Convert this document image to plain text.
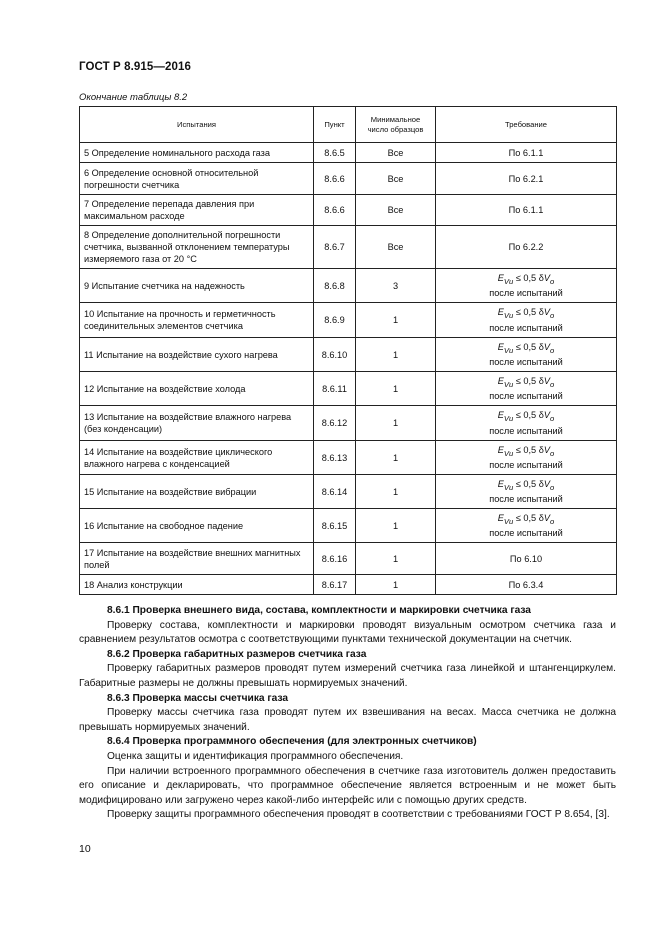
ГОСТ Р 8.915—2016
Окончание таблицы 8.2
Испытания	Пункт	Минимальное число образцов	Требование
5 Определение номинального расхода газа	8.6.5	Все	По 6.1.1
6 Определение основной относительной погрешности счетчика	8.6.6	Все	По 6.2.1
7 Определение перепада давления при максимальном расходе	8.6.6	Все	По 6.1.1
8 Определение дополнительной погрешности счетчика, вызванной отклонением температуры измеряемого газа от 20 °С	8.6.7	Все	По 6.2.2
9 Испытание счетчика на надежность	8.6.8	3	$E_{Vи} \le 0,5$ $\delta V_о$
после испытаний

10 Испытание на прочность и герметичность соединительных элементов счетчика	8.6.9	1	$E_{Vи} \le 0,5$ $\delta V_о$
после испытаний

11 Испытание на воздействие сухого нагрева	8.6.10	1	$E_{Vи} \le 0,5$ $\delta V_о$
после испытаний

12 Испытание на воздействие холода	8.6.11	1	$E_{Vи} \le 0,5$ $\delta V_о$
после испытаний

13 Испытание на воздействие влажного нагрева (без конденсации)	8.6.12	1	$E_{Vи} \le 0,5$ $\delta V_о$
после испытаний

14 Испытание на воздействие циклического влажного нагрева с конденсацией	8.6.13	1	$E_{Vи} \le 0,5$ $\delta V_о$
после испытаний

15 Испытание на воздействие вибрации	8.6.14	1	$E_{Vи} \le 0,5$ $\delta V_о$
после испытаний

16 Испытание на свободное падение	8.6.15	1	$E_{Vи} \le 0,5$ $\delta V_о$
после испытаний

17 Испытание на воздействие внешних магнитных полей	8.6.16	1	По 6.10
18 Анализ конструкции	8.6.17	1	По 6.3.4

8.6.1 Проверка внешнего вида, состава, комплектности и маркировки счетчика газа

Проверку состава, комплектности и маркировки проводят визуальным осмотром счетчика газа и сравнением результатов осмотра с соответствующими пунктами технической документации на счетчик.

8.6.2 Проверка габаритных размеров счетчика газа

Проверку габаритных размеров проводят путем измерений счетчика газа линейкой и штангенциркулем. Габаритные размеры не должны превышать нормируемых значений.

8.6.3 Проверка массы счетчика газа

Проверку массы счетчика газа проводят путем их взвешивания на весах. Масса счетчика не должна превышать нормируемых значений.

8.6.4 Проверка программного обеспечения (для электронных счетчиков)

Оценка защиты и идентификация программного обеспечения.

При наличии встроенного программного обеспечения в счетчике газа изготовитель должен предоставить его описание и декларировать, что программное обеспечение является встроенным и не может быть модифицировано или загружено через какой-либо интерфейс или с помощью других средств.

Проверку защиты программного обеспечения проводят в соответствии с требованиями ГОСТ Р 8.654, [3].

10
